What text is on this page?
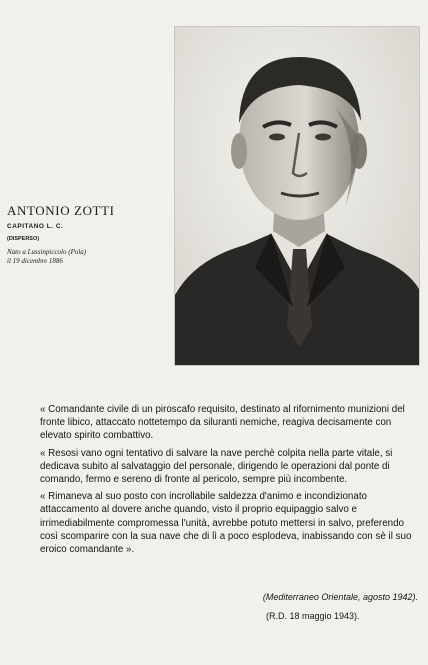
ANTONIO ZOTTI
CAPITANO L. C.
(DISPERSO)
Nato a Lussinpiccolo (Pola)
il 19 dicembre 1886

« Comandante civile di un piroscafo requisito, destinato al rifornimento munizioni del fronte libico, attaccato nottetempo da siluranti nemiche, reagiva decisamente con elevato spirito combattivo.

« Resosi vano ogni tentativo di salvare la nave perchè colpita nella parte vitale, si dedicava subito al salvataggio del personale, dirigendo le operazioni dal ponte di comando, fermo e sereno di fronte al pericolo, sempre più incombente.

« Rimaneva al suo posto con incrollabile saldezza d'animo e incondizionato attaccamento al dovere anche quando, visto il proprio equipaggio salvo e irrimediabilmente compromessa l'unità, avrebbe potuto mettersi in salvo, preferendo così scomparire con la sua nave che di lì a poco esplodeva, inabissando con sè il suo eroico comandante ».

(Mediterraneo Orientale, agosto 1942).
(R.D. 18 maggio 1943).
